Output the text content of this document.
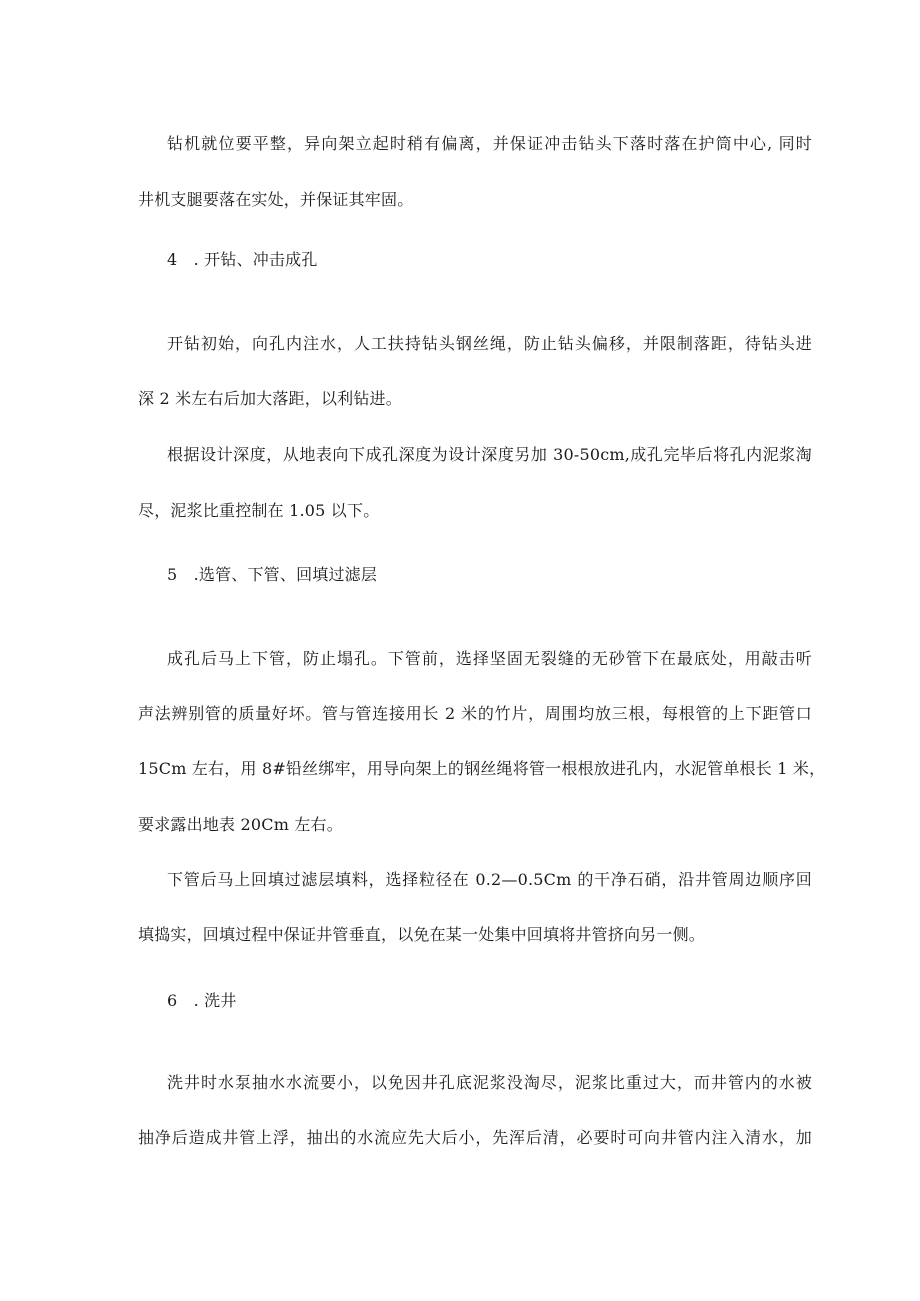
钻机就位要平整，异向架立起时稍有偏离，并保证冲击钻头下落时落在护筒中心, 同时
井机支腿要落在实处，并保证其牢固。
4　. 开钻、冲击成孔
开钻初始，向孔内注水，人工扶持钻头钢丝绳，防止钻头偏移，并限制落距，待钻头进
深 2 米左右后加大落距，以利钻进。
根据设计深度，从地表向下成孔深度为设计深度另加 30-50cm,成孔完毕后将孔内泥浆淘
尽，泥浆比重控制在 1.05 以下。
5　.选管、下管、回填过滤层
成孔后马上下管，防止塌孔。下管前，选择坚固无裂缝的无砂管下在最底处，用敲击听
声法辨别管的质量好坏。管与管连接用长 2 米的竹片，周围均放三根，每根管的上下距管口
15Cm 左右，用 8#铅丝绑牢，用导向架上的钢丝绳将管一根根放进孔内，水泥管单根长 1 米，
要求露出地表 20Cm 左右。
下管后马上回填过滤层填料，选择粒径在 0.2—0.5Cm 的干净石硝，沿井管周边顺序回
填捣实，回填过程中保证井管垂直，以免在某一处集中回填将井管挤向另一侧。
6　. 洗井
洗井时水泵抽水水流要小，以免因井孔底泥浆没淘尽，泥浆比重过大，而井管内的水被
抽净后造成井管上浮，抽出的水流应先大后小，先浑后清，必要时可向井管内注入清水，加
